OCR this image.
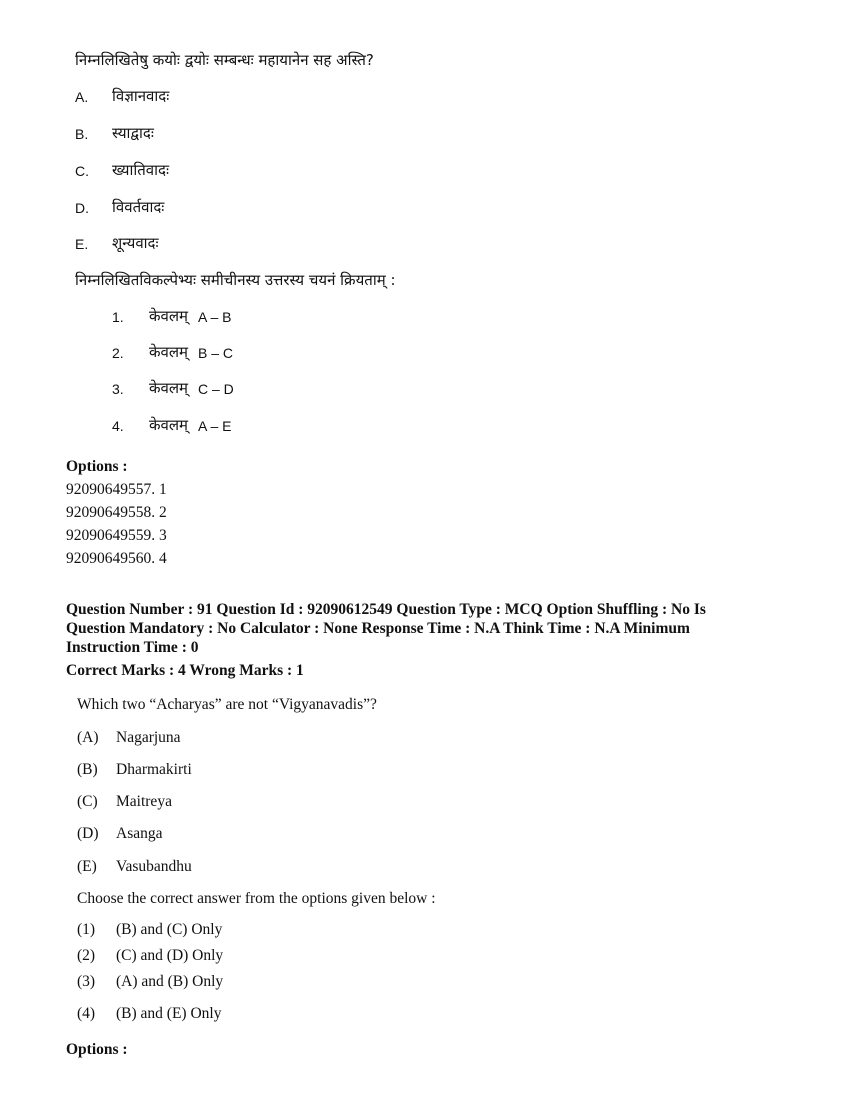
निम्नलिखितेषु कयोः द्वयोः सम्बन्धः महायानेन सह अस्ति?
A. विज्ञानवादः
B. स्याद्वादः
C. ख्यातिवादः
D. विवर्तवादः
E. शून्यवादः
निम्नलिखितविकल्पेभ्यः समीचीनस्य उत्तरस्य चयनं क्रियताम् :
1. केवलम् A – B
2. केवलम् B – C
3. केवलम् C – D
4. केवलम् A – E
Options :
92090649557. 1
92090649558. 2
92090649559. 3
92090649560. 4
Question Number : 91 Question Id : 92090612549 Question Type : MCQ Option Shuffling : No Is
Question Mandatory : No Calculator : None Response Time : N.A Think Time : N.A Minimum
Instruction Time : 0
Correct Marks : 4 Wrong Marks : 1
Which two “Acharyas” are not “Vigyanavadis”?
(A) Nagarjuna
(B) Dharmakirti
(C) Maitreya
(D) Asanga
(E) Vasubandhu
Choose the correct answer from the options given below :
(1) (B) and (C) Only
(2) (C) and (D) Only
(3) (A) and (B) Only
(4) (B) and (E) Only
Options :
